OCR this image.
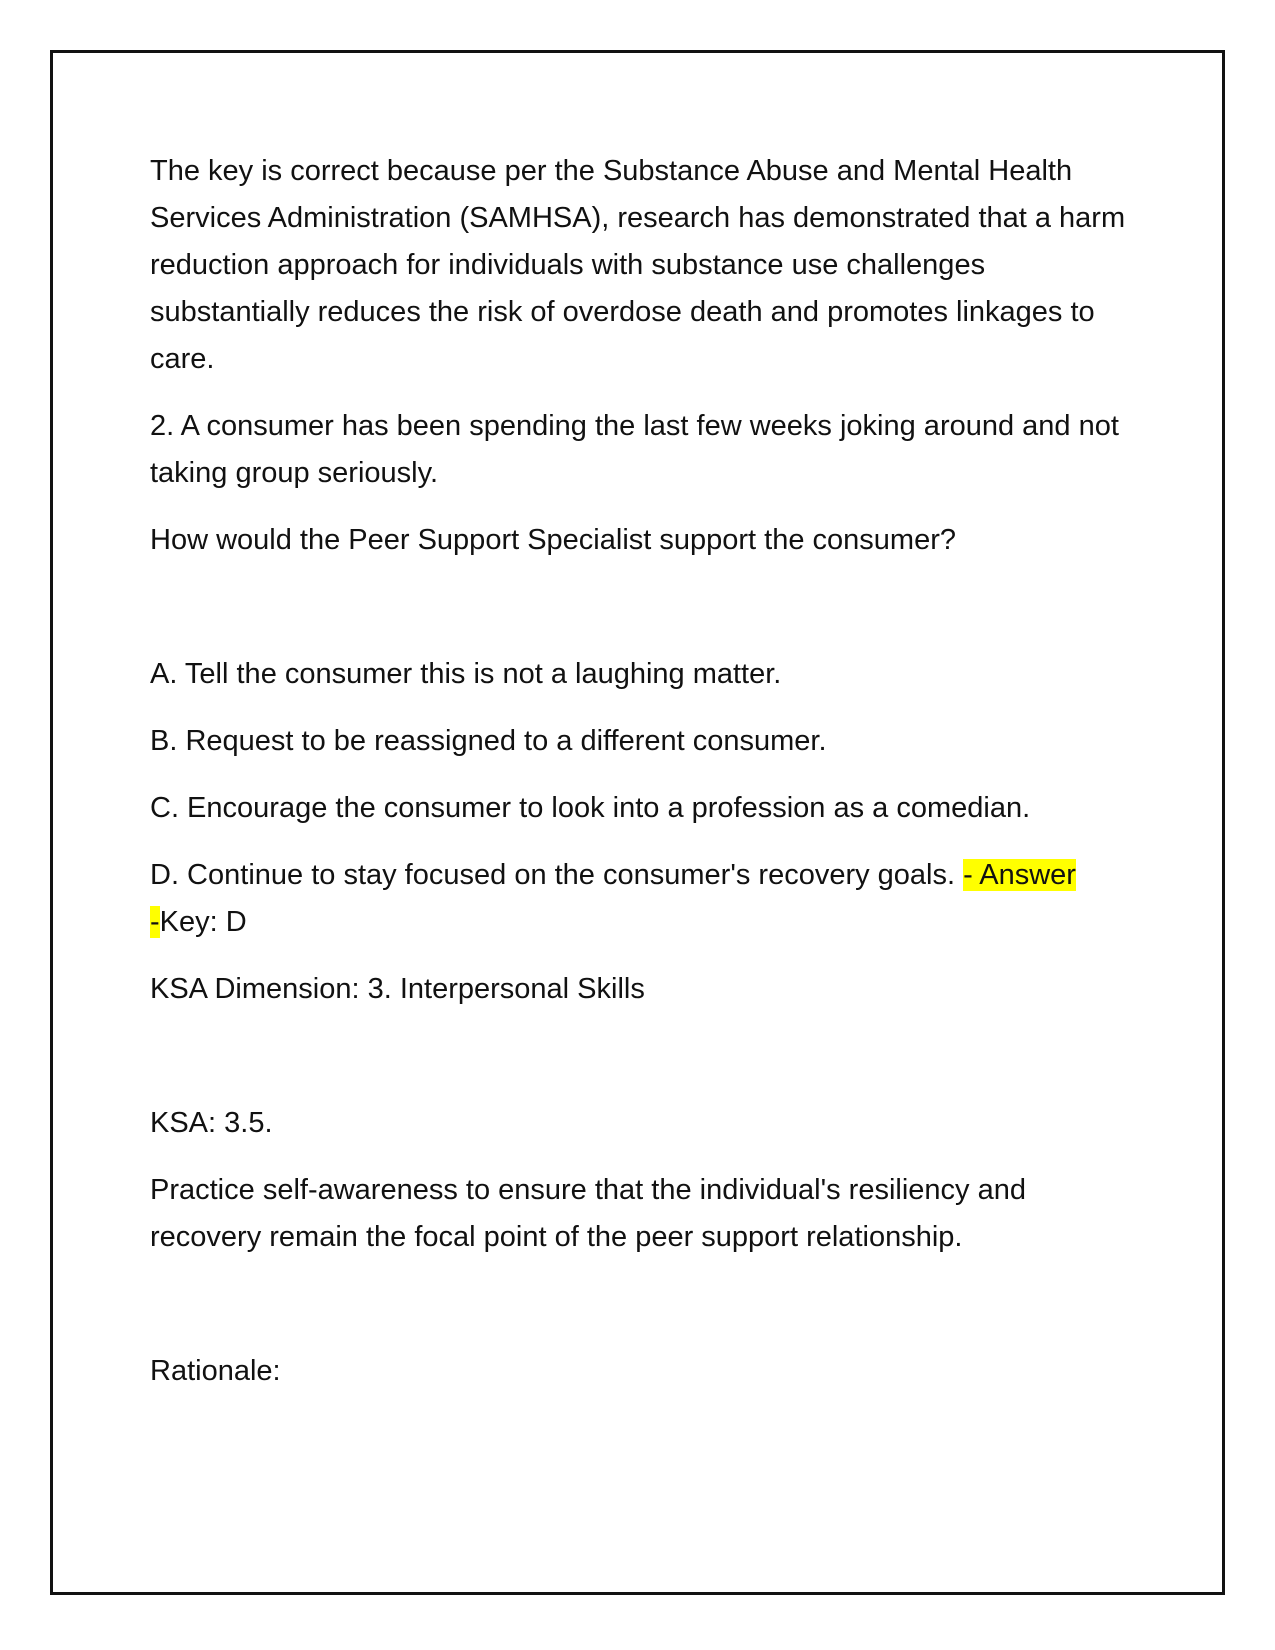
The key is correct because per the Substance Abuse and Mental Health Services Administration (SAMHSA), research has demonstrated that a harm reduction approach for individuals with substance use challenges substantially reduces the risk of overdose death and promotes linkages to care.

2. A consumer has been spending the last few weeks joking around and not taking group seriously.

How would the Peer Support Specialist support the consumer?

A. Tell the consumer this is not a laughing matter.

B. Request to be reassigned to a different consumer.

C. Encourage the consumer to look into a profession as a comedian.

D. Continue to stay focused on the consumer's recovery goals. - Answer
-Key: D

KSA Dimension: 3. Interpersonal Skills

KSA: 3.5.

Practice self-awareness to ensure that the individual's resiliency and recovery remain the focal point of the peer support relationship.

Rationale:
